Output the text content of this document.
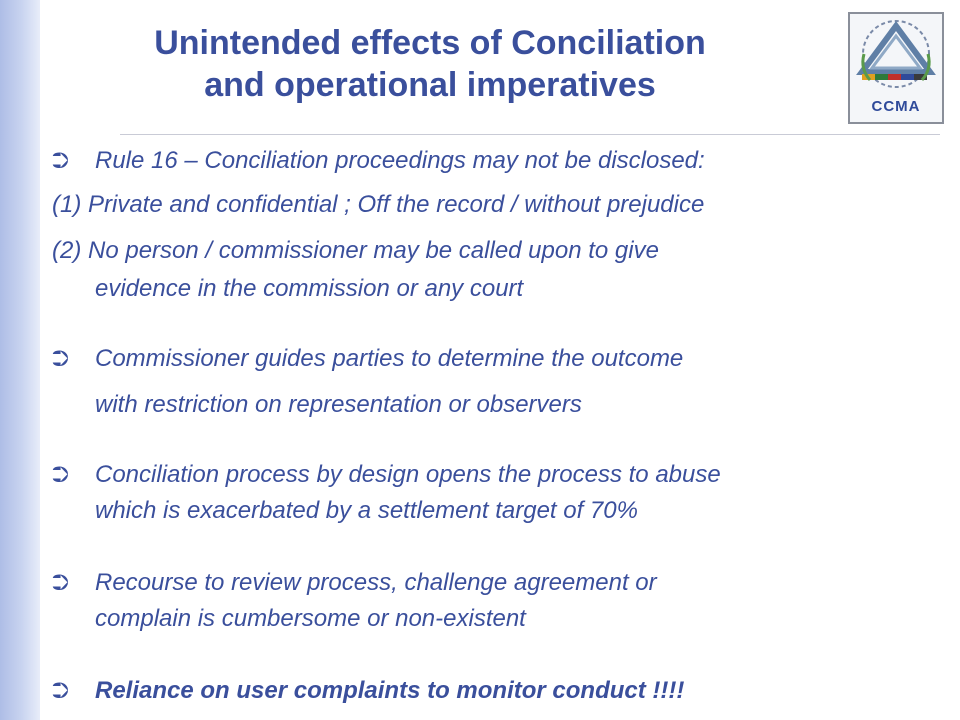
Unintended effects of Conciliation
and operational imperatives
CCMA
⮊ Rule 16 – Conciliation proceedings may not be disclosed:
(1) Private and confidential ; Off the record / without prejudice
(2) No person / commissioner may be called upon to give
evidence in the commission or any court
⮊ Commissioner guides parties to determine the outcome
with restriction on representation or observers
⮊ Conciliation process by design opens the process to abuse
which is exacerbated by a settlement target of 70%
⮊ Recourse to review process, challenge agreement or
complain is cumbersome or non-existent
⮊ Reliance on user complaints to monitor conduct !!!!
